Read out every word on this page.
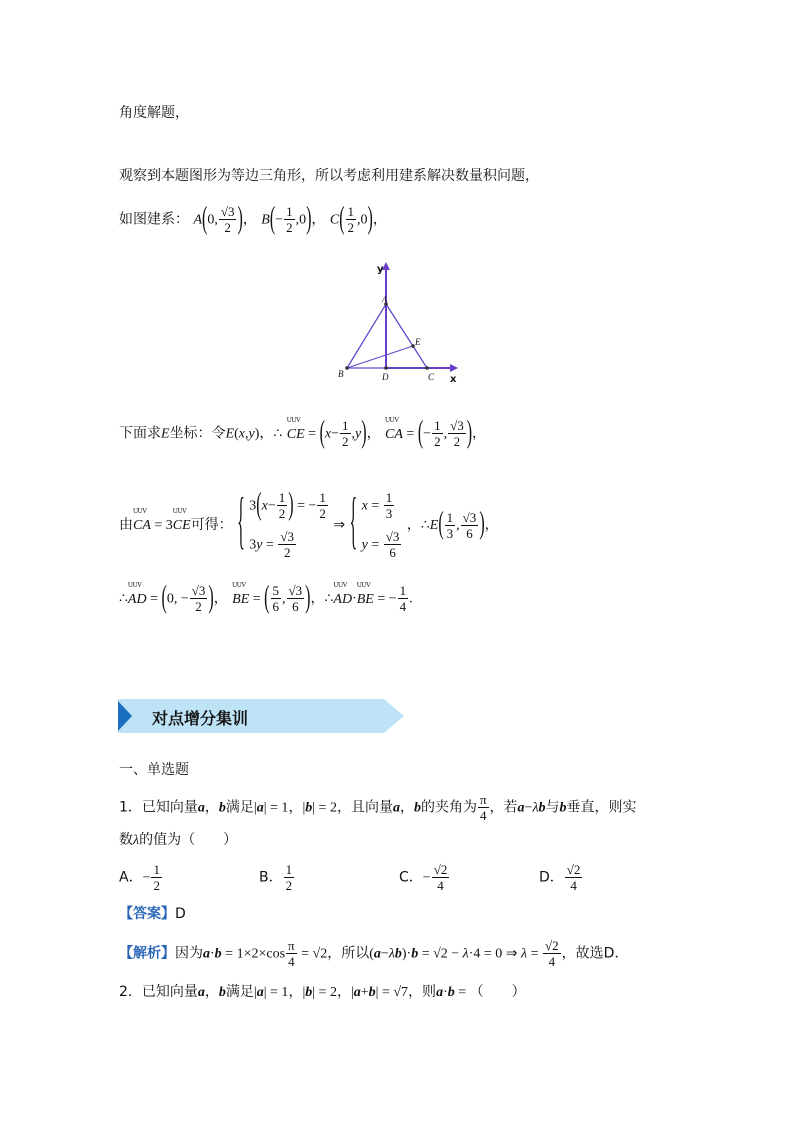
角度解题，
观察到本题图形为等边三角形，所以考虑利用建系解决数量积问题，
如图建系： A(0, $\frac{√3}{2}$ )， $B(- \frac{1}{2} ,0)$， $C( \frac{1}{2} ,0)$，
y
x
A
B	C
D
E
下面求E坐标：令E(x,y)，∴
UUV
CE = $(x- \frac{1}{2} ,y)$，
UUV
CA = (− $\frac{1}{2}$ , $\frac{√3}{2}$ )，
由
UUV
CA = 3
UUV
CE可得： { $3(x- \frac{1}{2}$ ) = − $\frac{1}{2}$
$3y = \frac{√3}{2}$
⇒ { $x = \frac{1}{3}$
$y = \frac{√3}{6}$
，∴E( $\frac{1}{3}$ , $\frac{√3}{6}$ )，
∴
UUV
AD = (0, − $\frac{√3}{2}$ )，
UUV
BE = ( $\frac{5}{6}$ , $\frac{√3}{6}$ )，∴
UUV
AD·
UUV
BE = − $\frac{1}{4}$ .
对点增分集训
一、单选题
1．已知向量a，b满足|a| = 1，|b| = 2，且向量a，b的夹角为 $\frac{\pi}{4}$ ，若a−λb与b垂直，则实
数λ的值为（　　）
A．− $\frac{1}{2}$	B． $\frac{1}{2}$	C．− $\frac{√2}{4}$	D． $\frac{√2}{4}$
【答案】D
【解析】因为$a\cdot b = 1\times 2\times\cos \frac{\pi}{4} = √2$，所以(a−λb)·b = √2 − λ·4 = 0 ⇒ $\lambda = \frac{√2}{4}$ ，故选D．
2．已知向量a，b满足|a| = 1，|b| = 2，|a+b| = √7，则a·b = （　　）
